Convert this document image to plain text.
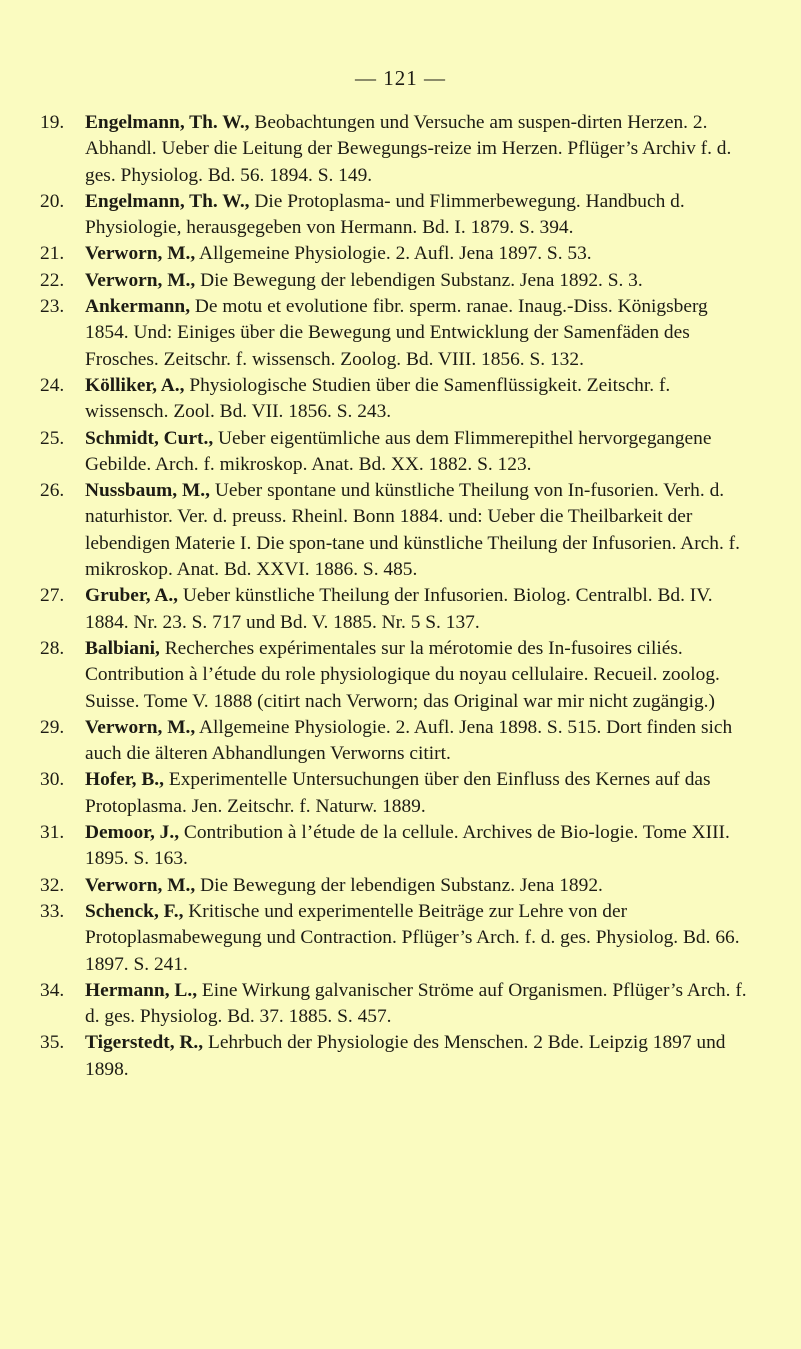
— 121 —
19. Engelmann, Th. W., Beobachtungen und Versuche am suspen-dirten Herzen. 2. Abhandl. Ueber die Leitung der Bewegungs-reize im Herzen. Pflüger’s Archiv f. d. ges. Physiolog. Bd. 56. 1894. S. 149.
20. Engelmann, Th. W., Die Protoplasma- und Flimmerbewegung. Handbuch d. Physiologie, herausgegeben von Hermann. Bd. I. 1879. S. 394.
21. Verworn, M., Allgemeine Physiologie. 2. Aufl. Jena 1897. S. 53.
22. Verworn, M., Die Bewegung der lebendigen Substanz. Jena 1892. S. 3.
23. Ankermann, De motu et evolutione fibr. sperm. ranae. Inaug.-Diss. Königsberg 1854. Und: Einiges über die Bewegung und Entwicklung der Samenfäden des Frosches. Zeitschr. f. wissensch. Zoolog. Bd. VIII. 1856. S. 132.
24. Kölliker, A., Physiologische Studien über die Samenflüssigkeit. Zeitschr. f. wissensch. Zool. Bd. VII. 1856. S. 243.
25. Schmidt, Curt., Ueber eigentümliche aus dem Flimmerepithel hervorgegangene Gebilde. Arch. f. mikroskop. Anat. Bd. XX. 1882. S. 123.
26. Nussbaum, M., Ueber spontane und künstliche Theilung von In-fusorien. Verh. d. naturhistor. Ver. d. preuss. Rheinl. Bonn 1884. und: Ueber die Theilbarkeit der lebendigen Materie I. Die spon-tane und künstliche Theilung der Infusorien. Arch. f. mikroskop. Anat. Bd. XXVI. 1886. S. 485.
27. Gruber, A., Ueber künstliche Theilung der Infusorien. Biolog. Centralbl. Bd. IV. 1884. Nr. 23. S. 717 und Bd. V. 1885. Nr. 5 S. 137.
28. Balbiani, Recherches expérimentales sur la mérotomie des In-fusoires ciliés. Contribution à l’étude du role physiologique du noyau cellulaire. Recueil. zoolog. Suisse. Tome V. 1888 (citirt nach Verworn; das Original war mir nicht zugängig.)
29. Verworn, M., Allgemeine Physiologie. 2. Aufl. Jena 1898. S. 515. Dort finden sich auch die älteren Abhandlungen Verworns citirt.
30. Hofer, B., Experimentelle Untersuchungen über den Einfluss des Kernes auf das Protoplasma. Jen. Zeitschr. f. Naturw. 1889.
31. Demoor, J., Contribution à l’étude de la cellule. Archives de Bio-logie. Tome XIII. 1895. S. 163.
32. Verworn, M., Die Bewegung der lebendigen Substanz. Jena 1892.
33. Schenck, F., Kritische und experimentelle Beiträge zur Lehre von der Protoplasmabewegung und Contraction. Pflüger’s Arch. f. d. ges. Physiolog. Bd. 66. 1897. S. 241.
34. Hermann, L., Eine Wirkung galvanischer Ströme auf Organismen. Pflüger’s Arch. f. d. ges. Physiolog. Bd. 37. 1885. S. 457.
35. Tigerstedt, R., Lehrbuch der Physiologie des Menschen. 2 Bde. Leipzig 1897 und 1898.
